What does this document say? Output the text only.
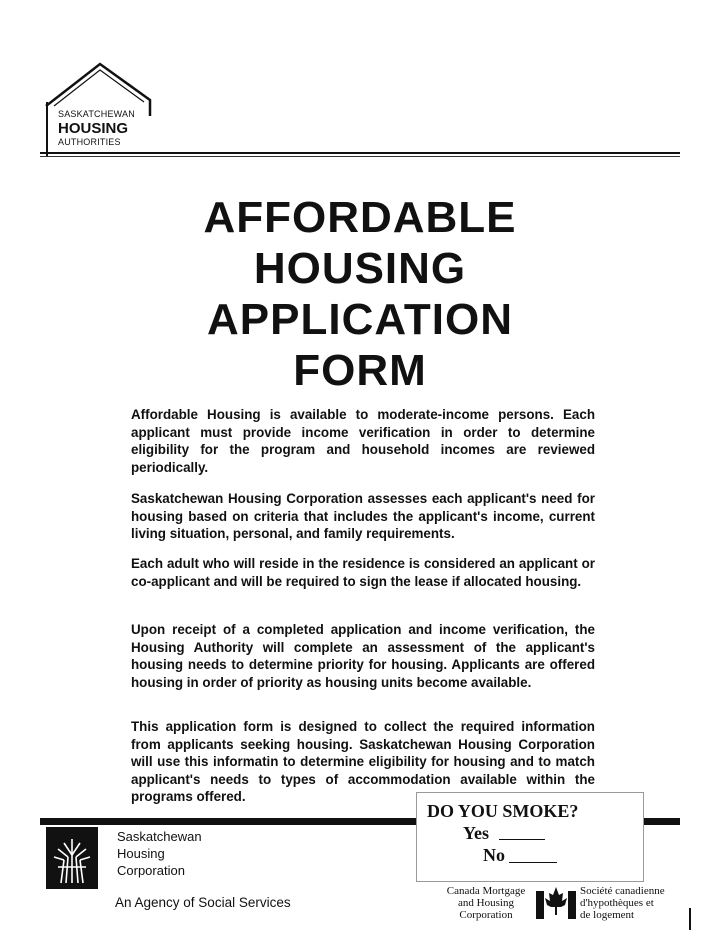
SASKATCHEWAN
HOUSING
AUTHORITIES
AFFORDABLE
HOUSING
APPLICATION
FORM
Affordable Housing is available to moderate-income persons. Each applicant must provide income verification in order to determine eligibility for the program and household incomes are reviewed periodically.
Saskatchewan Housing Corporation assesses each applicant's need for housing based on criteria that includes the applicant's income, current living situation, personal, and family requirements.
Each adult who will reside in the residence is considered an applicant or co-applicant and will be required to sign the lease if allocated housing.
Upon receipt of a completed application and income verification, the Housing Authority will complete an assessment of the applicant's housing needs to determine priority for housing. Applicants are offered housing in order of priority as housing units become available.
This application form is designed to collect the required information from applicants seeking housing. Saskatchewan Housing Corporation will use this informatin to determine eligibility for housing and to match applicant's needs to types of accommodation available within the programs offered.
Saskatchewan
Housing
Corporation
An Agency of Social Services
DO YOU SMOKE?
Yes
No
Canada Mortgage
and Housing
Corporation
Société canadienne
d'hypothèques et
de logement
